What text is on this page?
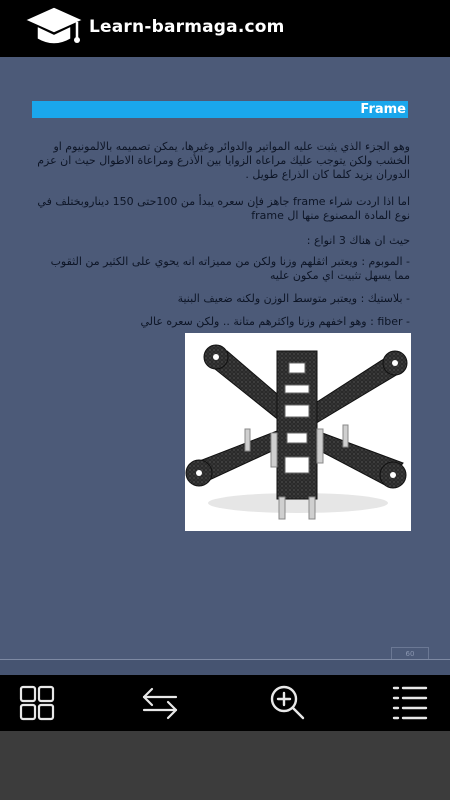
Learn-barmaga.com
Frame
وهو الجزء الذي يثبت عليه المواتير والدوائر وغيرها، يمكن تصميمه بالالمونيوم او الخشب ولكن يتوجب عليك مراعاه الزوايا بين الأذرع ومراعاة الاطوال حيث ان عزم الدوران يزيد كلما كان الذراع طويل .
اما اذا اردت شراء frame جاهز فإن سعره يبدأ من 100حتى 150 ديناروبختلف في نوع المادة المصنوع منها ال frame
حيث ان هناك 3 انواع :
- الموبوم : ويعتبر اثقلهم وزنا ولكن من مميزاته انه يحوي على الكثير من الثقوب مما يسهل تثبيت اي مكون عليه
- بلاستيك : ويعتبر متوسط الوزن ولكنه ضعيف البنية
- fiber : وهو اخفهم وزنا واكثرهم متانة .. ولكن سعره عالي
60
